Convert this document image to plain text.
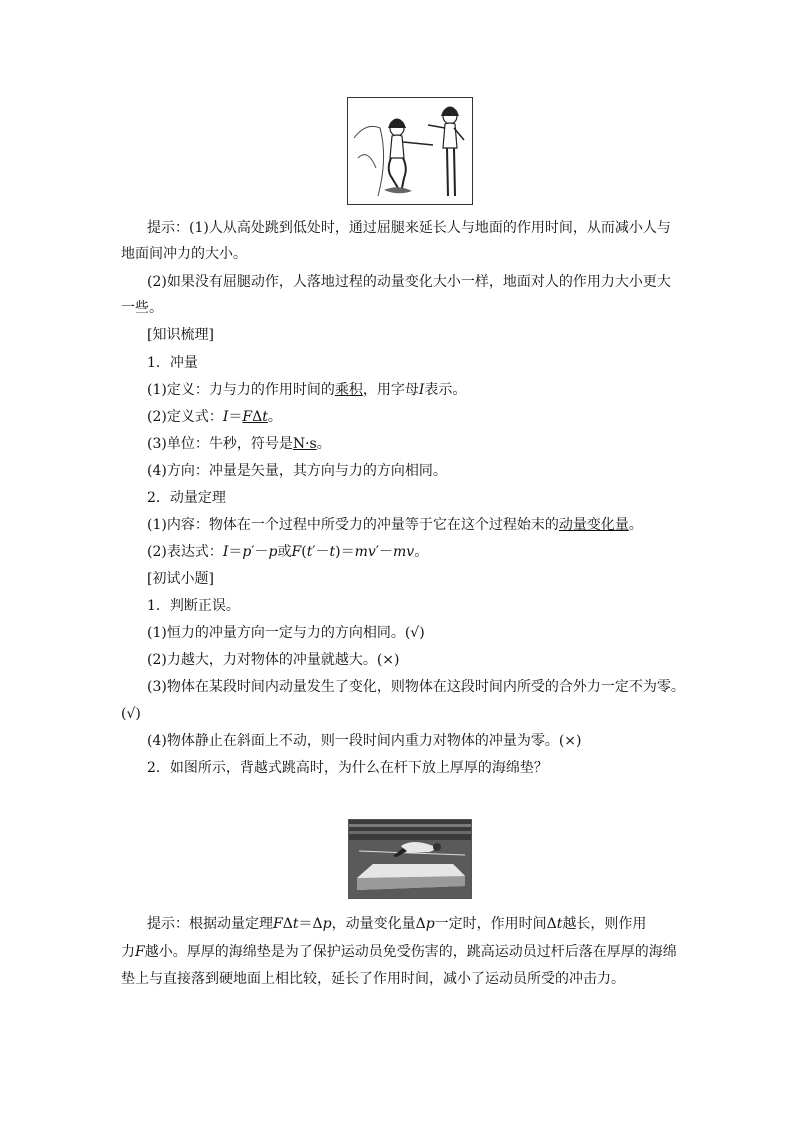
提示：(1)人从高处跳到低处时，通过屈腿来延长人与地面的作用时间，从而减小人与
地面间冲力的大小。
(2)如果没有屈腿动作，人落地过程的动量变化大小一样，地面对人的作用力大小更大
一些。
[知识梳理]
1．冲量
(1)定义：力与力的作用时间的乘积，用字母I表示。
(2)定义式：I＝FΔt。
(3)单位：牛秒，符号是N·s。
(4)方向：冲量是矢量，其方向与力的方向相同。
2．动量定理
(1)内容：物体在一个过程中所受力的冲量等于它在这个过程始末的动量变化量。
(2)表达式：I＝p′－p或F(t′－t)＝mv′－mv。
[初试小题]
1．判断正误。
(1)恒力的冲量方向一定与力的方向相同。(√)
(2)力越大，力对物体的冲量就越大。(×)
(3)物体在某段时间内动量发生了变化，则物体在这段时间内所受的合外力一定不为零。
(√)
(4)物体静止在斜面上不动，则一段时间内重力对物体的冲量为零。(×)
2．如图所示，背越式跳高时，为什么在杆下放上厚厚的海绵垫？
提示：根据动量定理FΔt＝Δp，动量变化量Δp一定时，作用时间Δt越长，则作用
力F越小。厚厚的海绵垫是为了保护运动员免受伤害的，跳高运动员过杆后落在厚厚的海绵
垫上与直接落到硬地面上相比较，延长了作用时间，减小了运动员所受的冲击力。
